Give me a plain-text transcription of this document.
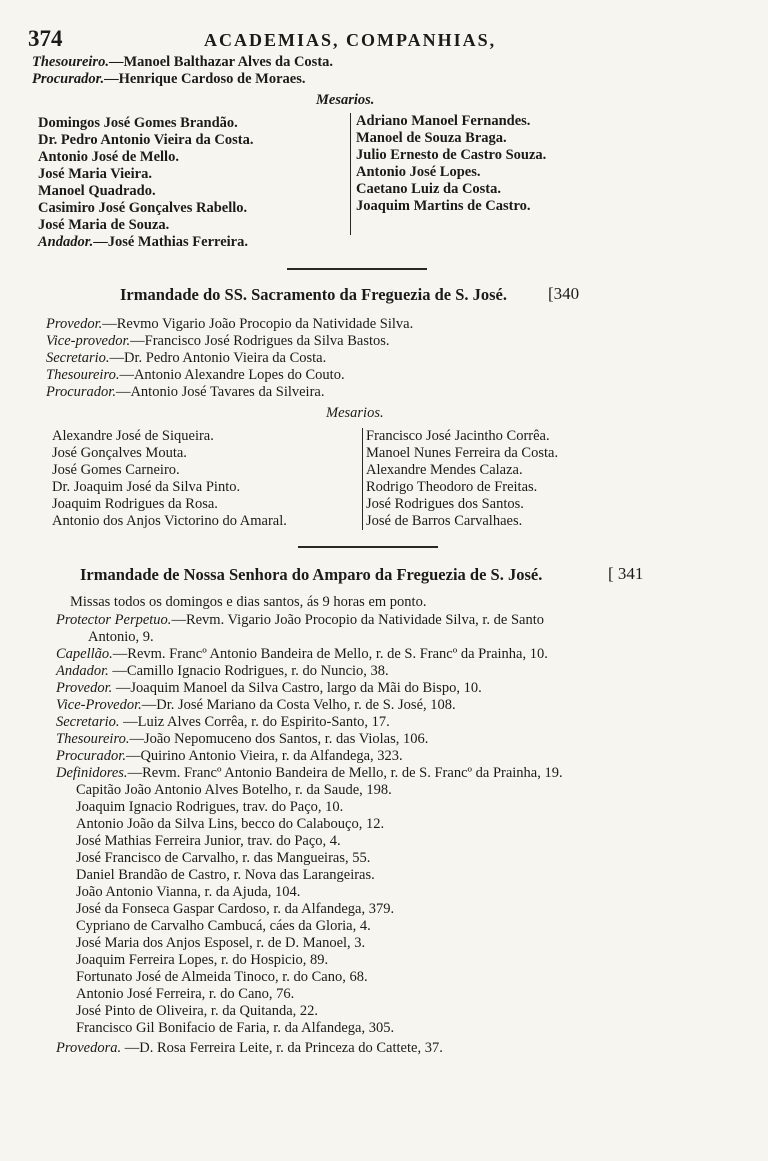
374	ACADEMIAS, COMPANHIAS,
Thesoureiro.—Manoel Balthazar Alves da Costa.
Procurador.—Henrique Cardoso de Moraes.
Mesarios.
Domingos José Gomes Brandão.
Dr. Pedro Antonio Vieira da Costa.
Antonio José de Mello.
José Maria Vieira.
Manoel Quadrado.
Casimiro José Gonçalves Rabello.
José Maria de Souza.
Andador.—José Mathias Ferreira.
Adriano Manoel Fernandes.
Manoel de Souza Braga.
Julio Ernesto de Castro Souza.
Antonio José Lopes.
Caetano Luiz da Costa.
Joaquim Martins de Castro.
Irmandade do SS. Sacramento da Freguezia de S. José. [340
Provedor.—Revmo Vigario João Procopio da Natividade Silva.
Vice-provedor.—Francisco José Rodrigues da Silva Bastos.
Secretario.—Dr. Pedro Antonio Vieira da Costa.
Thesoureiro.—Antonio Alexandre Lopes do Couto.
Procurador.—Antonio José Tavares da Silveira.
Mesarios.
Alexandre José de Siqueira.
José Gonçalves Mouta.
José Gomes Carneiro.
Dr. Joaquim José da Silva Pinto.
Joaquim Rodrigues da Rosa.
Antonio dos Anjos Victorino do Amaral.
Francisco José Jacintho Corrêa.
Manoel Nunes Ferreira da Costa.
Alexandre Mendes Calaza.
Rodrigo Theodoro de Freitas.
José Rodrigues dos Santos.
José de Barros Carvalhaes.
Irmandade de Nossa Senhora do Amparo da Freguezia de S. José.	[ 341
Missas todos os domingos e dias santos, ás 9 horas em ponto.
Protector Perpetuo.—Revm. Vigario João Procopio da Natividade Silva, r. de Santo
Antonio, 9.
Capellão.—Revm. Francº Antonio Bandeira de Mello, r. de S. Francº da Prainha, 10.
Andador. —Camillo Ignacio Rodrigues, r. do Nuncio, 38.
Provedor. —Joaquim Manoel da Silva Castro, largo da Mãi do Bispo, 10.
Vice-Provedor.—Dr. José Mariano da Costa Velho, r. de S. José, 108.
Secretario. —Luiz Alves Corrêa, r. do Espirito-Santo, 17.
Thesoureiro.—João Nepomuceno dos Santos, r. das Violas, 106.
Procurador.—Quirino Antonio Vieira, r. da Alfandega, 323.
Definidores.—Revm. Francº Antonio Bandeira de Mello, r. de S. Francº da Prainha, 19.
Capitão João Antonio Alves Botelho, r. da Saude, 198.
Joaquim Ignacio Rodrigues, trav. do Paço, 10.
Antonio João da Silva Lins, becco do Calabouço, 12.
José Mathias Ferreira Junior, trav. do Paço, 4.
José Francisco de Carvalho, r. das Mangueiras, 55.
Daniel Brandão de Castro, r. Nova das Larangeiras.
João Antonio Vianna, r. da Ajuda, 104.
José da Fonseca Gaspar Cardoso, r. da Alfandega, 379.
Cypriano de Carvalho Cambucá, cáes da Gloria, 4.
José Maria dos Anjos Esposel, r. de D. Manoel, 3.
Joaquim Ferreira Lopes, r. do Hospicio, 89.
Fortunato José de Almeida Tinoco, r. do Cano, 68.
Antonio José Ferreira, r. do Cano, 76.
José Pinto de Oliveira, r. da Quitanda, 22.
Francisco Gil Bonifacio de Faria, r. da Alfandega, 305.
Provedora. —D. Rosa Ferreira Leite, r. da Princeza do Cattete, 37.
